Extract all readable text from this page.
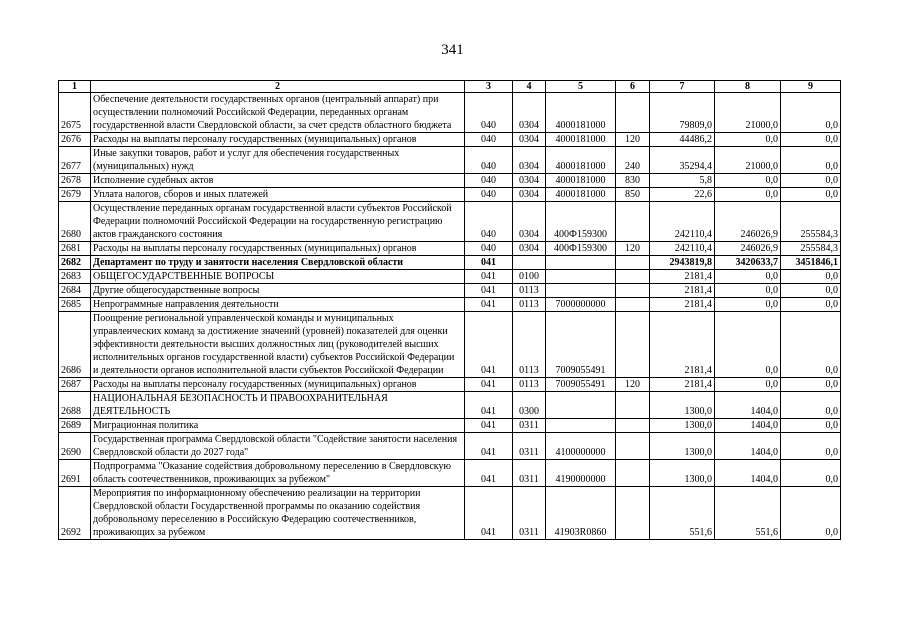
341
1	2	3	4	5	6	7	8	9
2675	Обеспечение деятельности государственных органов (центральный аппарат) при осуществлении полномочий Российской Федерации, переданных органам государственной власти Свердловской области, за счет средств областного бюджета	040	0304	4000181000		79809,0	21000,0	0,0
2676	Расходы на выплаты персоналу государственных (муниципальных) органов	040	0304	4000181000	120	44486,2	0,0	0,0
2677	Иные закупки товаров, работ и услуг для обеспечения государственных (муниципальных) нужд	040	0304	4000181000	240	35294,4	21000,0	0,0
2678	Исполнение судебных актов	040	0304	4000181000	830	5,8	0,0	0,0
2679	Уплата налогов, сборов и иных платежей	040	0304	4000181000	850	22,6	0,0	0,0
2680	Осуществление переданных органам государственной власти субъектов Российской Федерации полномочий Российской Федерации на государственную регистрацию актов гражданского состояния	040	0304	400Ф159300		242110,4	246026,9	255584,3
2681	Расходы на выплаты персоналу государственных (муниципальных) органов	040	0304	400Ф159300	120	242110,4	246026,9	255584,3
2682	Департамент по труду и занятости населения Свердловской области	041				2943819,8	3420633,7	3451846,1
2683	ОБЩЕГОСУДАРСТВЕННЫЕ ВОПРОСЫ	041	0100			2181,4	0,0	0,0
2684	Другие общегосударственные вопросы	041	0113			2181,4	0,0	0,0
2685	Непрограммные направления деятельности	041	0113	7000000000		2181,4	0,0	0,0
2686	Поощрение региональной управленческой команды и муниципальных управленческих команд за достижение значений (уровней) показателей для оценки эффективности деятельности высших должностных лиц (руководителей высших исполнительных органов государственной власти) субъектов Российской Федерации и деятельности органов исполнительной власти субъектов Российской Федерации	041	0113	7009055491		2181,4	0,0	0,0
2687	Расходы на выплаты персоналу государственных (муниципальных) органов	041	0113	7009055491	120	2181,4	0,0	0,0
2688	НАЦИОНАЛЬНАЯ БЕЗОПАСНОСТЬ И ПРАВООХРАНИТЕЛЬНАЯ ДЕЯТЕЛЬНОСТЬ	041	0300			1300,0	1404,0	0,0
2689	Миграционная политика	041	0311			1300,0	1404,0	0,0
2690	Государственная программа Свердловской области "Содействие занятости населения Свердловской области до 2027 года"	041	0311	4100000000		1300,0	1404,0	0,0
2691	Подпрограмма "Оказание содействия добровольному переселению в Свердловскую область соотечественников, проживающих за рубежом"	041	0311	4190000000		1300,0	1404,0	0,0
2692	Мероприятия по информационному обеспечению реализации на территории Свердловской области Государственной программы по оказанию содействия добровольному переселению в Российскую Федерацию соотечественников, проживающих за рубежом	041	0311	41903R0860		551,6	551,6	0,0
